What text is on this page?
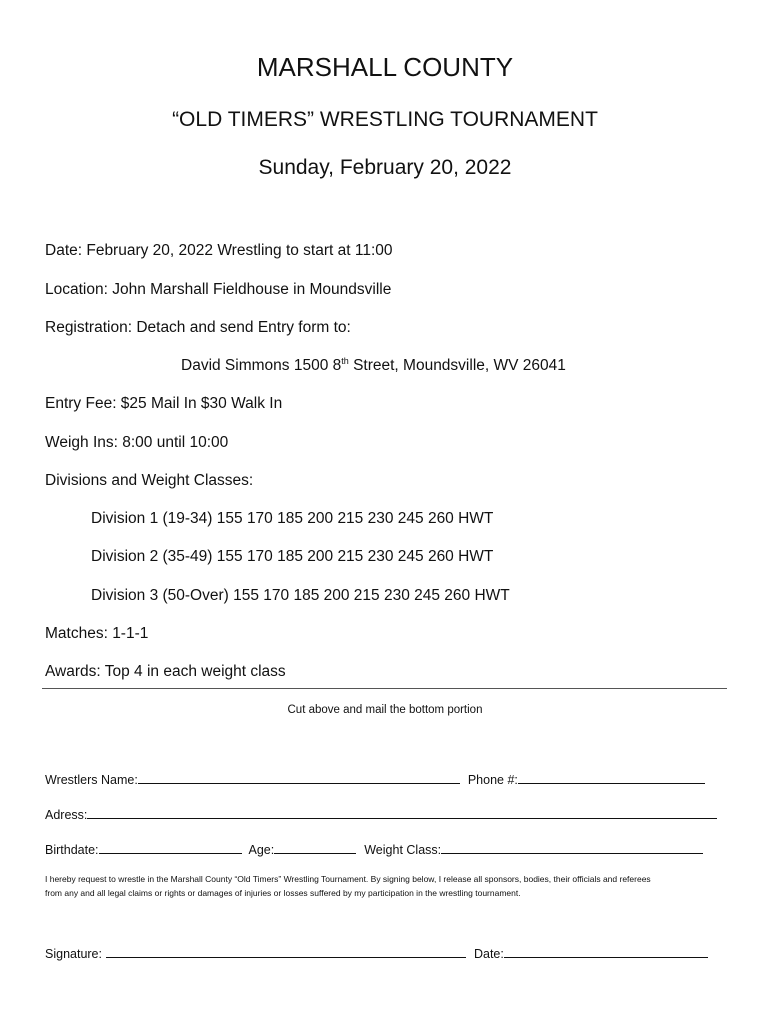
MARSHALL COUNTY
“OLD TIMERS” WRESTLING TOURNAMENT
Sunday, February 20, 2022
Date: February 20, 2022 Wrestling to start at 11:00
Location: John Marshall Fieldhouse in Moundsville
Registration: Detach and send Entry form to:
David Simmons 1500 8th Street, Moundsville, WV 26041
Entry Fee: $25 Mail In $30 Walk In
Weigh Ins: 8:00 until 10:00
Divisions and Weight Classes:
Division 1 (19-34) 155 170 185 200 215 230 245 260 HWT
Division 2 (35-49) 155 170 185 200 215 230 245 260 HWT
Division 3 (50-Over) 155 170 185 200 215 230 245 260 HWT
Matches: 1-1-1
Awards: Top 4 in each weight class
Cut above and mail the bottom portion
Wrestlers Name:	Phone #:
Adress:
Birthdate:	Age:	Weight Class:
I hereby request to wrestle in the Marshall County “Old Timers” Wrestling Tournament. By signing below, I release all sponsors, bodies, their officials and referees
from any and all legal claims or rights or damages of injuries or losses suffered by my participation in the wrestling tournament.
Signature:	Date:
